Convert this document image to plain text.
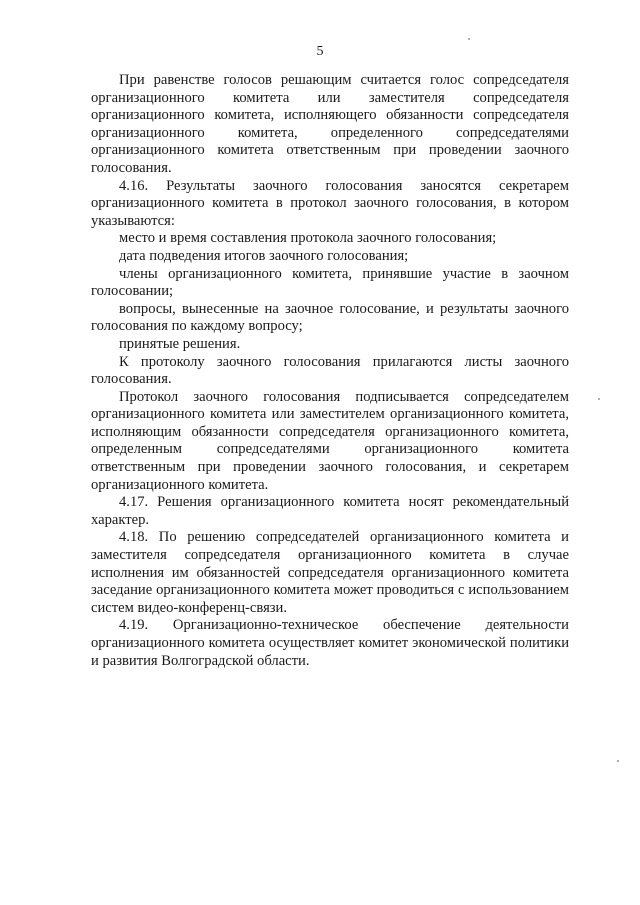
5

При равенстве голосов решающим считается голос сопредседателя организационного комитета или заместителя сопредседателя организационного комитета, исполняющего обязанности сопредседателя организационного комитета, определенного сопредседателями организационного комитета ответственным при проведении заочного голосования.

4.16. Результаты заочного голосования заносятся секретарем организационного комитета в протокол заочного голосования, в котором указываются:

место и время составления протокола заочного голосования;

дата подведения итогов заочного голосования;

члены организационного комитета, принявшие участие в заочном голосовании;

вопросы, вынесенные на заочное голосование, и результаты заочного голосования по каждому вопросу;

принятые решения.

К протоколу заочного голосования прилагаются листы заочного голосования.

Протокол заочного голосования подписывается сопредседателем организационного комитета или заместителем организационного комитета, исполняющим обязанности сопредседателя организационного комитета, определенным сопредседателями организационного комитета ответственным при проведении заочного голосования, и секретарем организационного комитета.

4.17. Решения организационного комитета носят рекомендательный характер.

4.18. По решению сопредседателей организационного комитета и заместителя сопредседателя организационного комитета в случае исполнения им обязанностей сопредседателя организационного комитета заседание организационного комитета может проводиться с использованием систем видео-конференц-связи.

4.19. Организационно-техническое обеспечение деятельности организационного комитета осуществляет комитет экономической политики и развития Волгоградской области.
